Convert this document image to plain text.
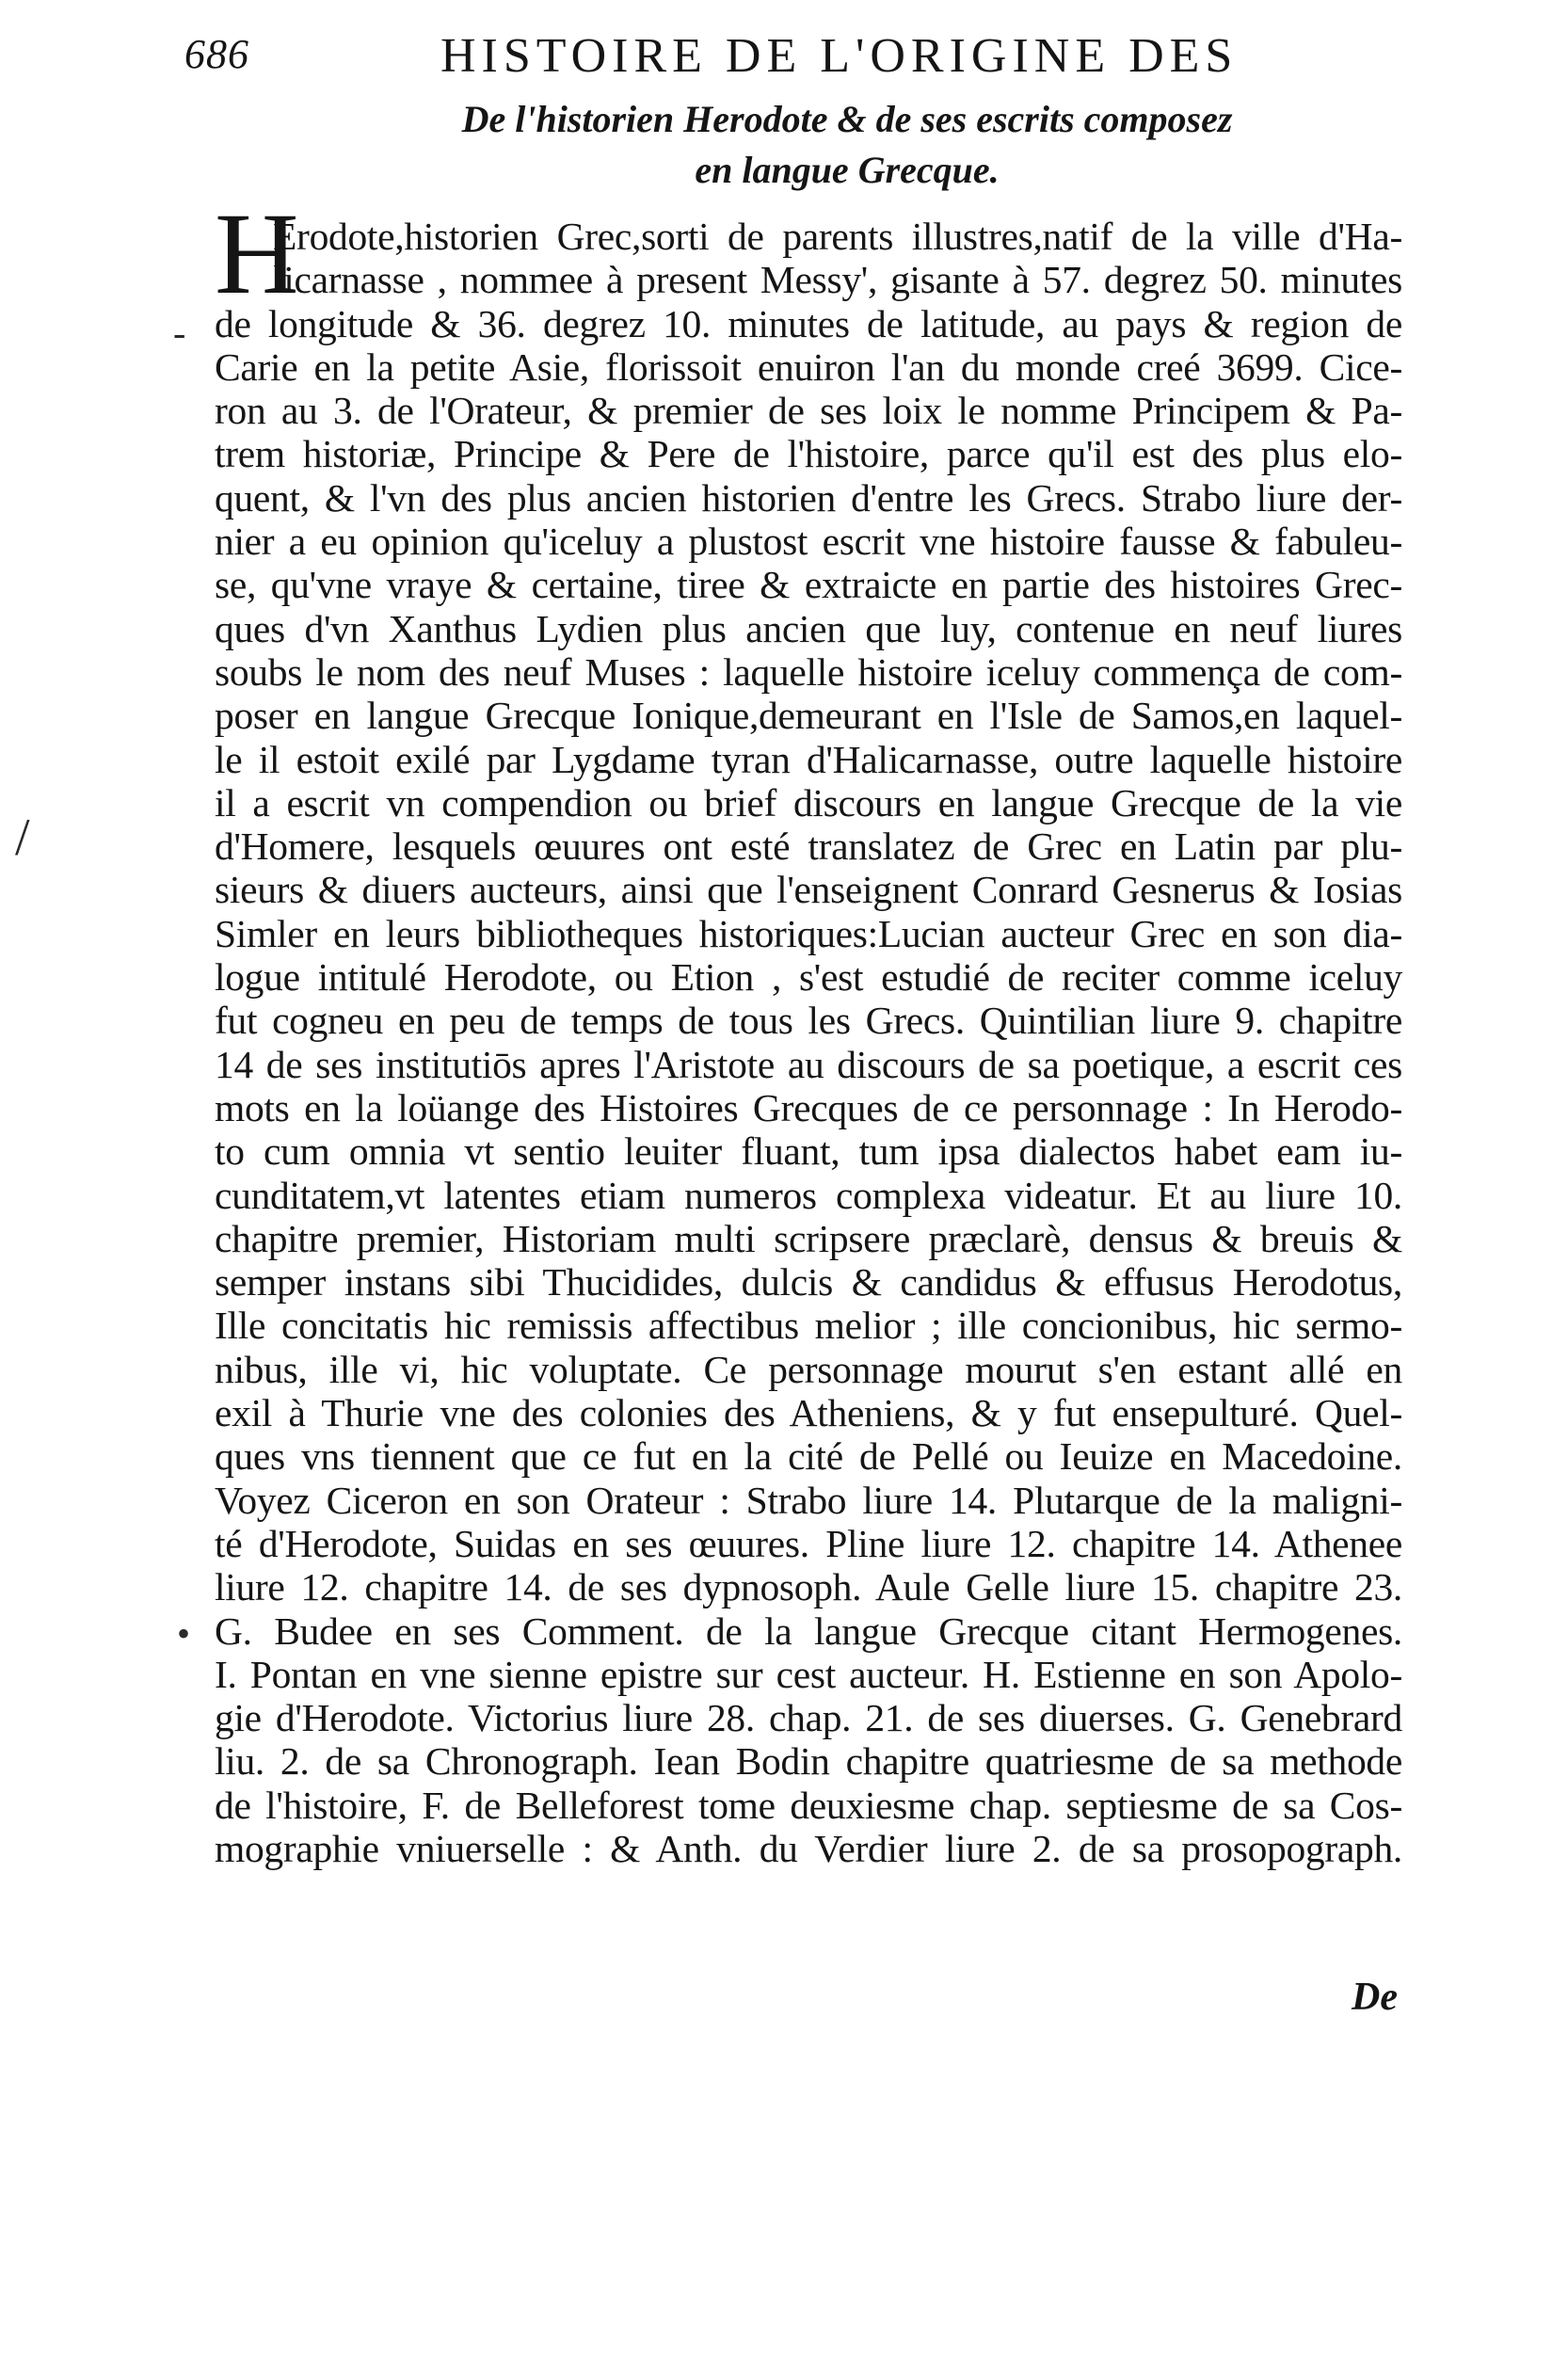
686	HISTOIRE DE L'ORIGINE DES
De l'historien Herodote & de ses escrits composez
en langue Grecque.
H
Erodote,historien Grec,sorti de parents illustres,natif de la ville d'Ha-
licarnasse , nommee à present Messy', gisante à 57. degrez 50. minutes
de longitude & 36. degrez 10. minutes de latitude, au pays & region de
Carie en la petite Asie, florissoit enuiron l'an du monde creé 3699. Cice-
ron au 3. de l'Orateur, & premier de ses loix le nomme Principem & Pa-
trem historiæ, Principe & Pere de l'histoire, parce qu'il est des plus elo-
quent, & l'vn des plus ancien historien d'entre les Grecs. Strabo liure der-
nier a eu opinion qu'iceluy a plustost escrit vne histoire fausse & fabuleu-
se, qu'vne vraye & certaine, tiree & extraicte en partie des histoires Grec-
ques d'vn Xanthus Lydien plus ancien que luy, contenue en neuf liures
soubs le nom des neuf Muses : laquelle histoire iceluy commença de com-
poser en langue Grecque Ionique,demeurant en l'Isle de Samos,en laquel-
le il estoit exilé par Lygdame tyran d'Halicarnasse, outre laquelle histoire
il a escrit vn compendion ou brief discours en langue Grecque de la vie
d'Homere, lesquels œuures ont esté translatez de Grec en Latin par plu-
sieurs & diuers aucteurs, ainsi que l'enseignent Conrard Gesnerus & Iosias
Simler en leurs bibliotheques historiques:Lucian aucteur Grec en son dia-
logue intitulé Herodote, ou Etion , s'est estudié de reciter comme iceluy
fut cogneu en peu de temps de tous les Grecs. Quintilian liure 9. chapitre
14 de ses institutiōs apres l'Aristote au discours de sa poetique, a escrit ces
mots en la loüange des Histoires Grecques de ce personnage : In Herodo-
to cum omnia vt sentio leuiter fluant, tum ipsa dialectos habet eam iu-
cunditatem,vt latentes etiam numeros complexa videatur. Et au liure 10.
chapitre premier, Historiam multi scripsere præclarè, densus & breuis &
semper instans sibi Thucidides, dulcis & candidus & effusus Herodotus,
Ille concitatis hic remissis affectibus melior ; ille concionibus, hic sermo-
nibus, ille vi, hic voluptate. Ce personnage mourut s'en estant allé en
exil à Thurie vne des colonies des Atheniens, & y fut ensepulturé. Quel-
ques vns tiennent que ce fut en la cité de Pellé ou Ieuize en Macedoine.
Voyez Ciceron en son Orateur : Strabo liure 14. Plutarque de la maligni-
té d'Herodote, Suidas en ses œuures. Pline liure 12. chapitre 14. Athenee
liure 12. chapitre 14. de ses dypnosoph. Aule Gelle liure 15. chapitre 23.
G. Budee en ses Comment. de la langue Grecque citant Hermogenes.
I. Pontan en vne sienne epistre sur cest aucteur. H. Estienne en son Apolo-
gie d'Herodote. Victorius liure 28. chap. 21. de ses diuerses. G. Genebrard
liu. 2. de sa Chronograph. Iean Bodin chapitre quatriesme de sa methode
de l'histoire, F. de Belleforest tome deuxiesme chap. septiesme de sa Cos-
mographie vniuerselle : & Anth. du Verdier liure 2. de sa prosopograph.
De
-
/
•
